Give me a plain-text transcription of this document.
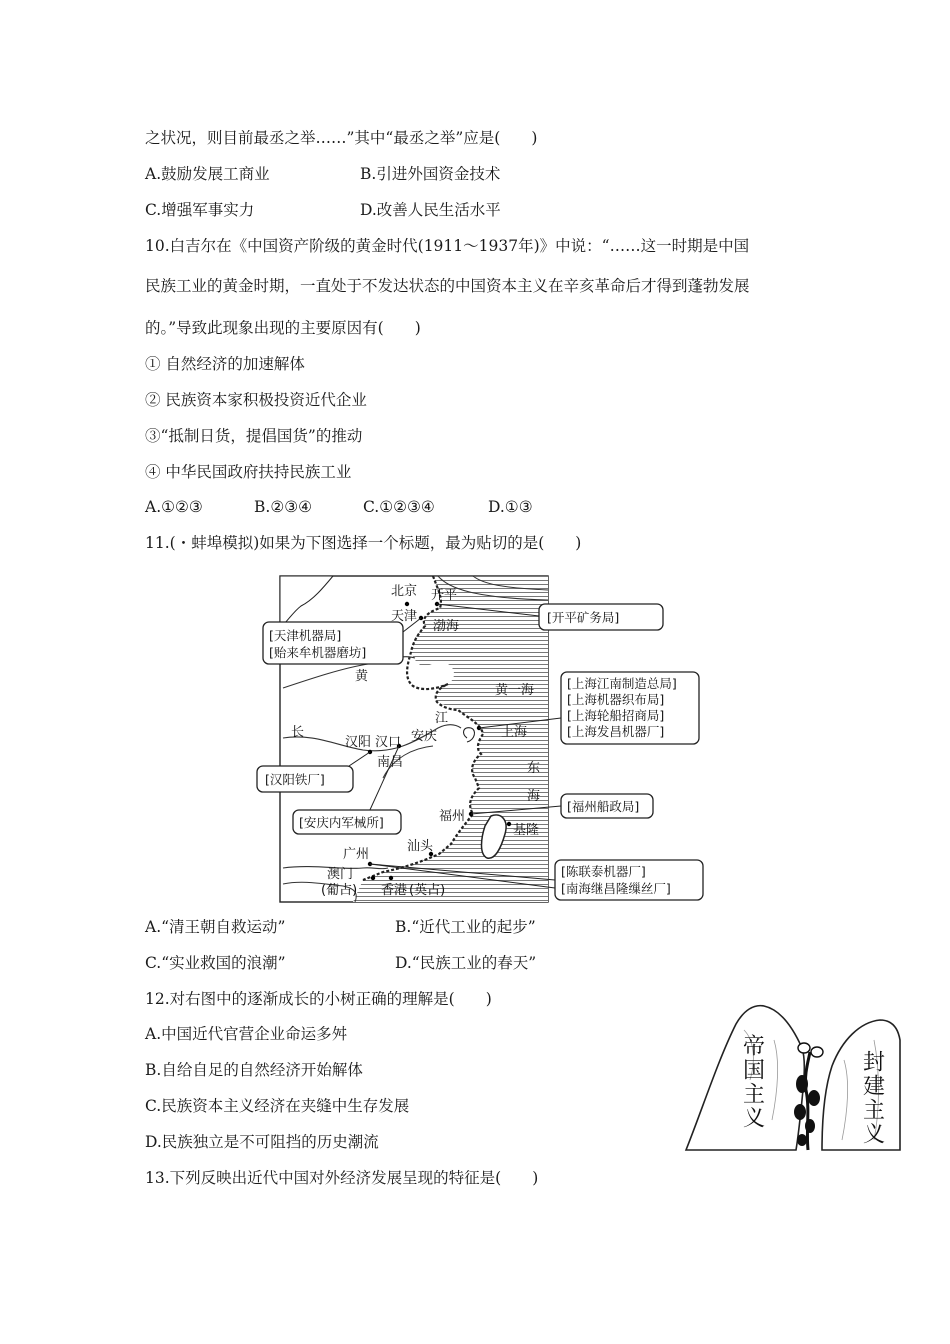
之状况，则目前最丞之举……”其中“最丞之举”应是(　　)
A.鼓励发展工商业	B.引进外国资金技术
C.增强军事实力	D.改善人民生活水平
10.白吉尔在《中国资产阶级的黄金时代(1911～1937年)》中说：“……这一时期是中国
民族工业的黄金时期，一直处于不发达状态的中国资本主义在辛亥革命后才得到蓬勃发展
的。”导致此现象出现的主要原因有(　　)
① 自然经济的加速解体
② 民族资本家积极投资近代企业
③“抵制日货，提倡国货”的推动
④ 中华民国政府扶持民族工业
A.①②③	B.②③④	C.①②③④	D.①③
11.(・蚌埠模拟)如果为下图选择一个标题，最为贴切的是(　　)
北京 开平
天津
渤海
黄
黄一海
江
长
汉阳 汉口 安庆
南昌
上海
东
海
福州
基隆
汕头
广州
澳门
(葡占) 香港 (英占)
[开平矿务局]
[天津机器局]
[贻来牟机器磨坊]
[上海江南制造总局]
[上海机器织布局]
[上海轮船招商局]
[上海发昌机器厂]
[汉阳铁厂]
[安庆内军械所]
[福州船政局]
[陈联泰机器厂]
[南海继昌隆缫丝厂]
A.“清王朝自救运动”	B.“近代工业的起步”
C.“实业救国的浪潮”	D.“民族工业的春天”
12.对右图中的逐渐成长的小树正确的理解是(　　)
A.中国近代官营企业命运多舛
B.自给自足的自然经济开始解体
C.民族资本主义经济在夹缝中生存发展
D.民族独立是不可阻挡的历史潮流
帝国主义	封建主义
13.下列反映出近代中国对外经济发展呈现的特征是(　　)
